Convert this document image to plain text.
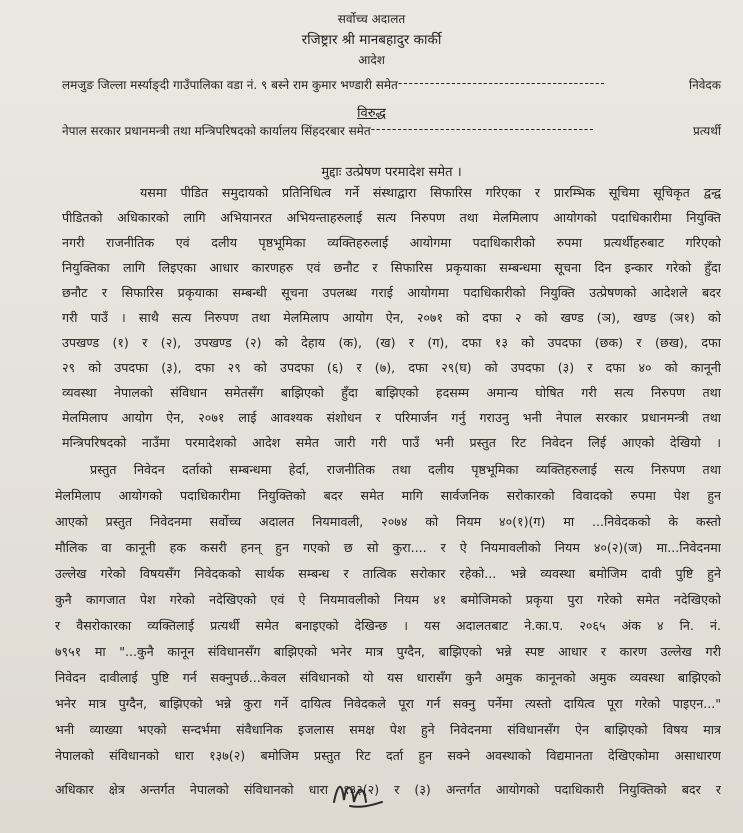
सर्वोच्च अदालत
रजिष्ट्रार श्री मानबहादुर कार्की
आदेश
लमजुङ जिल्ला मर्स्याङ्दी गाउँपालिका वडा नं. ९ बस्ने राम कुमार भण्डारी समेत ---------------------------------------	निवेदक
विरुद्ध
नेपाल सरकार प्रधानमन्त्री तथा मन्त्रिपरिषदको कार्यालय सिंहदरबार समेत ------------------------------------------	प्रत्यर्थी
मुद्दाः उत्प्रेषण परमादेश समेत ।
यसमा पीडित समुदायको प्रतिनिधित्व गर्ने संस्थाद्वारा सिफारिस गरिएका र प्रारम्भिक सूचिमा सूचिकृत द्वन्द्व
पीडितको अधिकारको लागि अभियानरत अभियन्ताहरुलाई सत्य निरुपण तथा मेलमिलाप आयोगको पदाधिकारीमा नियुक्ति
नगरी राजनीतिक एवं दलीय पृष्ठभूमिका व्यक्तिहरुलाई आयोगमा पदाधिकारीको रुपमा प्रत्यर्थीहरुबाट गरिएको
नियुक्तिका लागि लिइएका आधार कारणहरु एवं छनौट र सिफारिस प्रकृयाका सम्बन्धमा सूचना दिन इन्कार गरेको हुँदा
छनौट र सिफारिस प्रकृयाका सम्बन्धी सूचना उपलब्ध गराई आयोगमा पदाधिकारीको नियुक्ति उत्प्रेषणको आदेशले बदर
गरी पाउँ । साथै सत्य निरुपण तथा मेलमिलाप आयोग ऐन, २०७१ को दफा २ को खण्ड (ञ), खण्ड (ञ१) को
उपखण्ड (१) र (२), उपखण्ड (२) को देहाय (क), (ख) र (ग), दफा १३ को उपदफा (छक) र (छख), दफा
२९ को उपदफा (३), दफा २९ को उपदफा (६) र (७), दफा २९(घ) को उपदफा (३) र दफा ४० को कानूनी
व्यवस्था नेपालको संविधान समेतसँग बाझिएको हुँदा बाझिएको हदसम्म अमान्य घोषित गरी सत्य निरुपण तथा
मेलमिलाप आयोग ऐन, २०७१ लाई आवश्यक संशोधन र परिमार्जन गर्नु गराउनु भनी नेपाल सरकार प्रधानमन्त्री तथा
मन्त्रिपरिषदको नाउँमा परमादेशको आदेश समेत जारी गरी पाउँ भनी प्रस्तुत रिट निवेदन लिई आएको देखियो ।
प्रस्तुत निवेदन दर्ताको सम्बन्धमा हेर्दा, राजनीतिक तथा दलीय पृष्ठभूमिका व्यक्तिहरुलाई सत्य निरुपण तथा
मेलमिलाप आयोगको पदाधिकारीमा नियुक्तिको बदर समेत मागि सार्वजनिक सरोकारको विवादको रुपमा पेश हुन
आएको प्रस्तुत निवेदनमा सर्वोच्च अदालत नियमावली, २०७४ को नियम ४०(१)(ग) मा ...निवेदकको के कस्तो
मौलिक वा कानूनी हक कसरी हनन् हुन गएको छ सो कुरा.... र ऐ नियमावलीको नियम ४०(२)(ज) मा...निवेदनमा
उल्लेख गरेको विषयसँग निवेदकको सार्थक सम्बन्ध र तात्विक सरोकार रहेको... भन्ने व्यवस्था बमोजिम दावी पुष्टि हुने
कुनै कागजात पेश गरेको नदेखिएको एवं ऐ नियमावलीको नियम ४१ बमोजिमको प्रकृया पुरा गरेको समेत नदेखिएको
र वैसरोकारका व्यक्तिलाई प्रत्यर्थी समेत बनाइएको देखिन्छ । यस अदालतबाट ने.का.प. २०६५ अंक ४ नि. नं.
७९५१ मा "...कुनै कानून संविधानसँग बाझिएको भनेर मात्र पुग्दैन, बाझिएको भन्ने स्पष्ट आधार र कारण उल्लेख गरी
निवेदन दावीलाई पुष्टि गर्न सक्नुपर्छ...केवल संविधानको यो यस धारासँग कुनै अमुक कानूनको अमुक व्यवस्था बाझिएको
भनेर मात्र पुग्दैन, बाझिएको भन्ने कुरा गर्ने दायित्व निवेदकले पूरा गर्न सक्नु पर्नेमा त्यस्तो दायित्व पूरा गरेको पाइएन..."
भनी व्याख्या भएको सन्दर्भमा संवैधानिक इजलास समक्ष पेश हुने निवेदनमा संविधानसँग ऐन बाझिएको विषय मात्र
नेपालको संविधानको धारा १३७(२) बमोजिम प्रस्तुत रिट दर्ता हुन सक्ने अवस्थाको विद्यमानता देखिएकोमा असाधारण
अधिकार क्षेत्र अन्तर्गत नेपालको संविधानको धारा १३३(२) र (३) अन्तर्गत आयोगको पदाधिकारी नियुक्तिको बदर र
